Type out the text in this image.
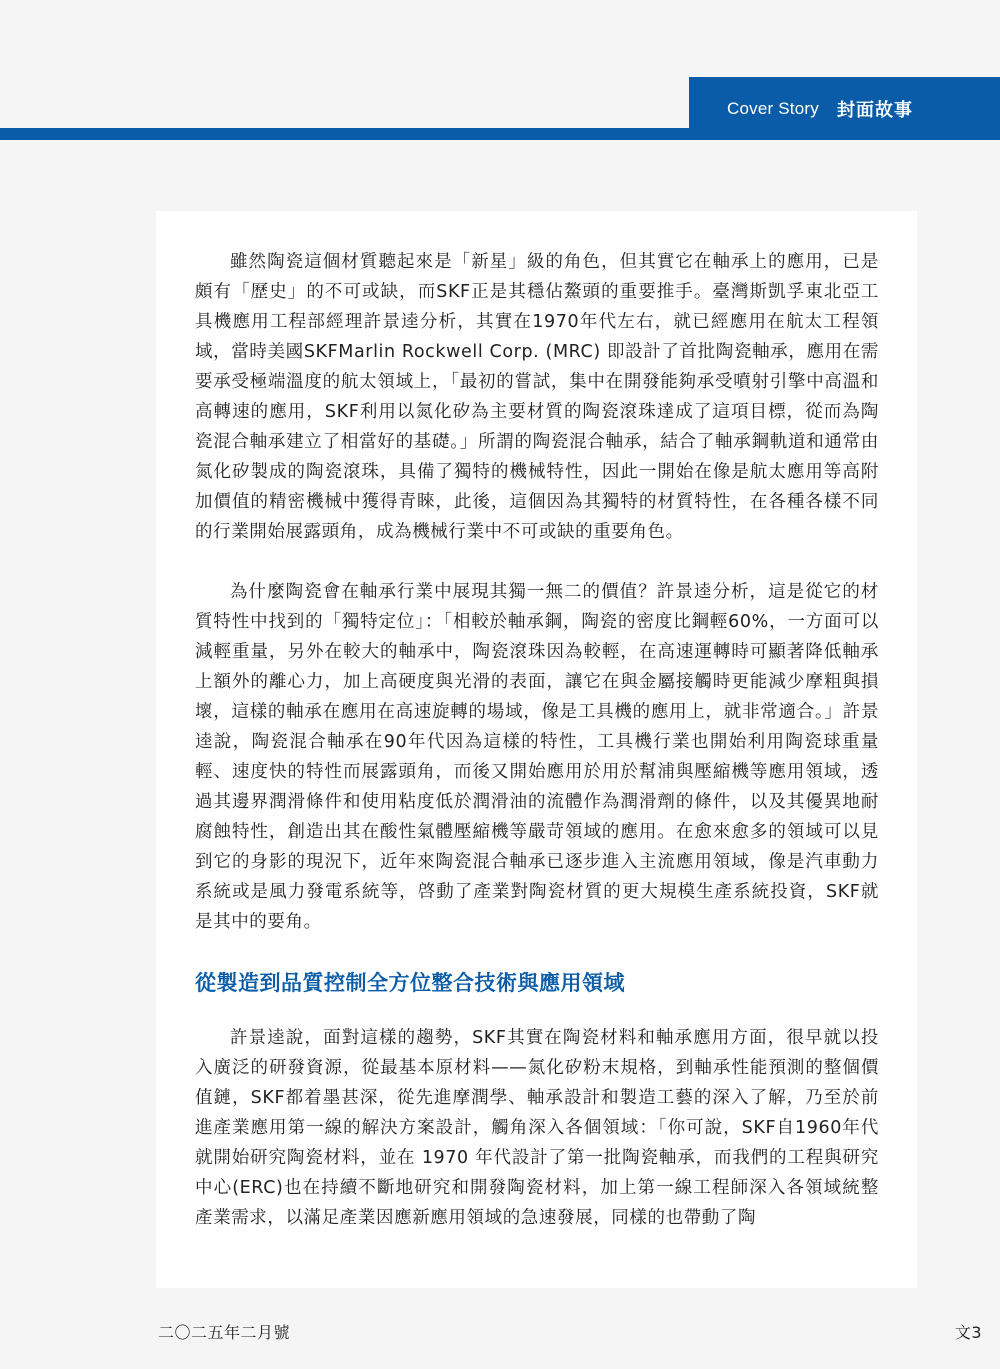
Cover Story 封面故事

雖然陶瓷這個材質聽起來是「新星」級的角色，但其實它在軸承上的應用，已是頗有「歷史」的不可或缺，而SKF正是其穩佔鰲頭的重要推手。臺灣斯凱孚東北亞工具機應用工程部經理許景逵分析，其實在1970年代左右，就已經應用在航太工程領域，當時美國SKFMarlin Rockwell Corp. (MRC) 即設計了首批陶瓷軸承，應用在需要承受極端溫度的航太領域上，「最初的嘗試，集中在開發能夠承受噴射引擎中高溫和高轉速的應用，SKF利用以氮化矽為主要材質的陶瓷滾珠達成了這項目標，從而為陶瓷混合軸承建立了相當好的基礎。」所謂的陶瓷混合軸承，結合了軸承鋼軌道和通常由氮化矽製成的陶瓷滾珠，具備了獨特的機械特性，因此一開始在像是航太應用等高附加價值的精密機械中獲得青睞，此後，這個因為其獨特的材質特性，在各種各樣不同的行業開始展露頭角，成為機械行業中不可或缺的重要角色。

為什麼陶瓷會在軸承行業中展現其獨一無二的價值？許景逵分析，這是從它的材質特性中找到的「獨特定位」：「相較於軸承鋼，陶瓷的密度比鋼輕60%，一方面可以減輕重量，另外在較大的軸承中，陶瓷滾珠因為較輕，在高速運轉時可顯著降低軸承上額外的離心力，加上高硬度與光滑的表面，讓它在與金屬接觸時更能減少摩粗與損壞，這樣的軸承在應用在高速旋轉的場域，像是工具機的應用上，就非常適合。」許景逵說，陶瓷混合軸承在90年代因為這樣的特性，工具機行業也開始利用陶瓷球重量輕、速度快的特性而展露頭角，而後又開始應用於用於幫浦與壓縮機等應用領域，透過其邊界潤滑條件和使用粘度低於潤滑油的流體作為潤滑劑的條件，以及其優異地耐腐蝕特性，創造出其在酸性氣體壓縮機等嚴苛領域的應用。在愈來愈多的領域可以見到它的身影的現況下，近年來陶瓷混合軸承已逐步進入主流應用領域，像是汽車動力系統或是風力發電系統等，啓動了產業對陶瓷材質的更大規模生產系統投資，SKF就是其中的要角。

從製造到品質控制全方位整合技術與應用領域

許景逵說，面對這樣的趨勢，SKF其實在陶瓷材料和軸承應用方面，很早就以投入廣泛的研發資源，從最基本原材料——氮化矽粉末規格，到軸承性能預測的整個價值鏈，SKF都着墨甚深，從先進摩潤學、軸承設計和製造工藝的深入了解，乃至於前進產業應用第一線的解決方案設計，觸角深入各個領域：「你可說，SKF自1960年代就開始研究陶瓷材料，並在 1970 年代設計了第一批陶瓷軸承，而我們的工程與研究中心(ERC)也在持續不斷地研究和開發陶瓷材料，加上第一線工程師深入各領域統整產業需求，以滿足產業因應新應用領域的急速發展，同樣的也帶動了陶

二〇二五年二月號	文3
